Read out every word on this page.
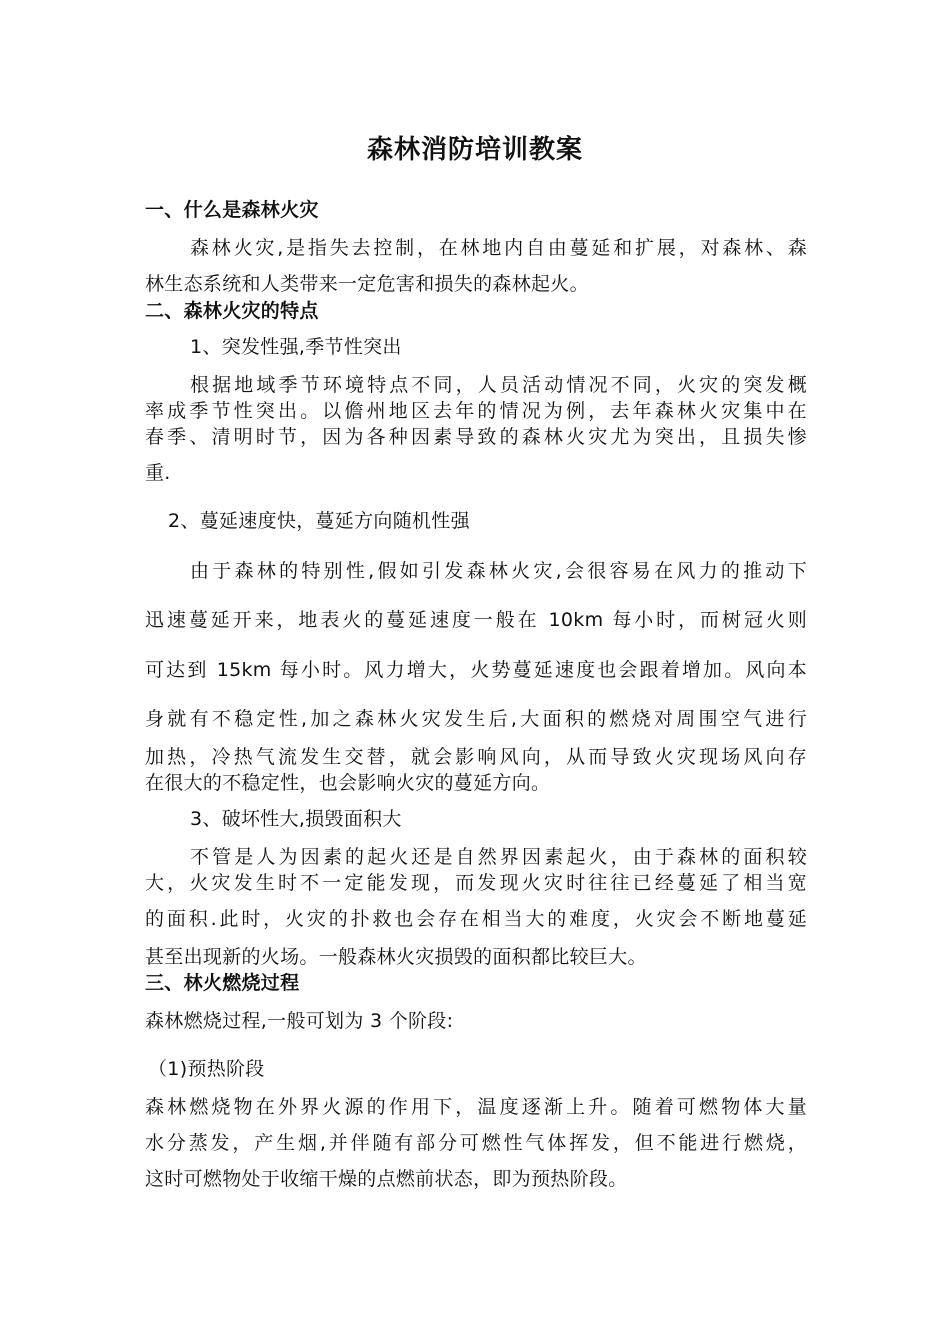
森林消防培训教案
一、什么是森林火灾
森林火灾,是指失去控制，在林地内自由蔓延和扩展，对森林、森
林生态系统和人类带来一定危害和损失的森林起火。
二、森林火灾的特点
1、突发性强,季节性突出
根据地域季节环境特点不同，人员活动情况不同，火灾的突发概
率成季节性突出。以儋州地区去年的情况为例，去年森林火灾集中在
春季、清明时节，因为各种因素导致的森林火灾尤为突出，且损失惨
重.
2、蔓延速度快，蔓延方向随机性强
由于森林的特别性,假如引发森林火灾,会很容易在风力的推动下
迅速蔓延开来，地表火的蔓延速度一般在 10km 每小时，而树冠火则
可达到 15km 每小时。风力增大，火势蔓延速度也会跟着增加。风向本
身就有不稳定性,加之森林火灾发生后,大面积的燃烧对周围空气进行
加热，冷热气流发生交替，就会影响风向，从而导致火灾现场风向存
在很大的不稳定性，也会影响火灾的蔓延方向。
3、破坏性大,损毁面积大
不管是人为因素的起火还是自然界因素起火，由于森林的面积较
大，火灾发生时不一定能发现，而发现火灾时往往已经蔓延了相当宽
的面积.此时，火灾的扑救也会存在相当大的难度，火灾会不断地蔓延
甚至出现新的火场。一般森林火灾损毁的面积都比较巨大。
三、林火燃烧过程
森林燃烧过程,一般可划为 3 个阶段:
（1)预热阶段
森林燃烧物在外界火源的作用下，温度逐渐上升。随着可燃物体大量
水分蒸发，产生烟,并伴随有部分可燃性气体挥发，但不能进行燃烧，
这时可燃物处于收缩干燥的点燃前状态，即为预热阶段。
